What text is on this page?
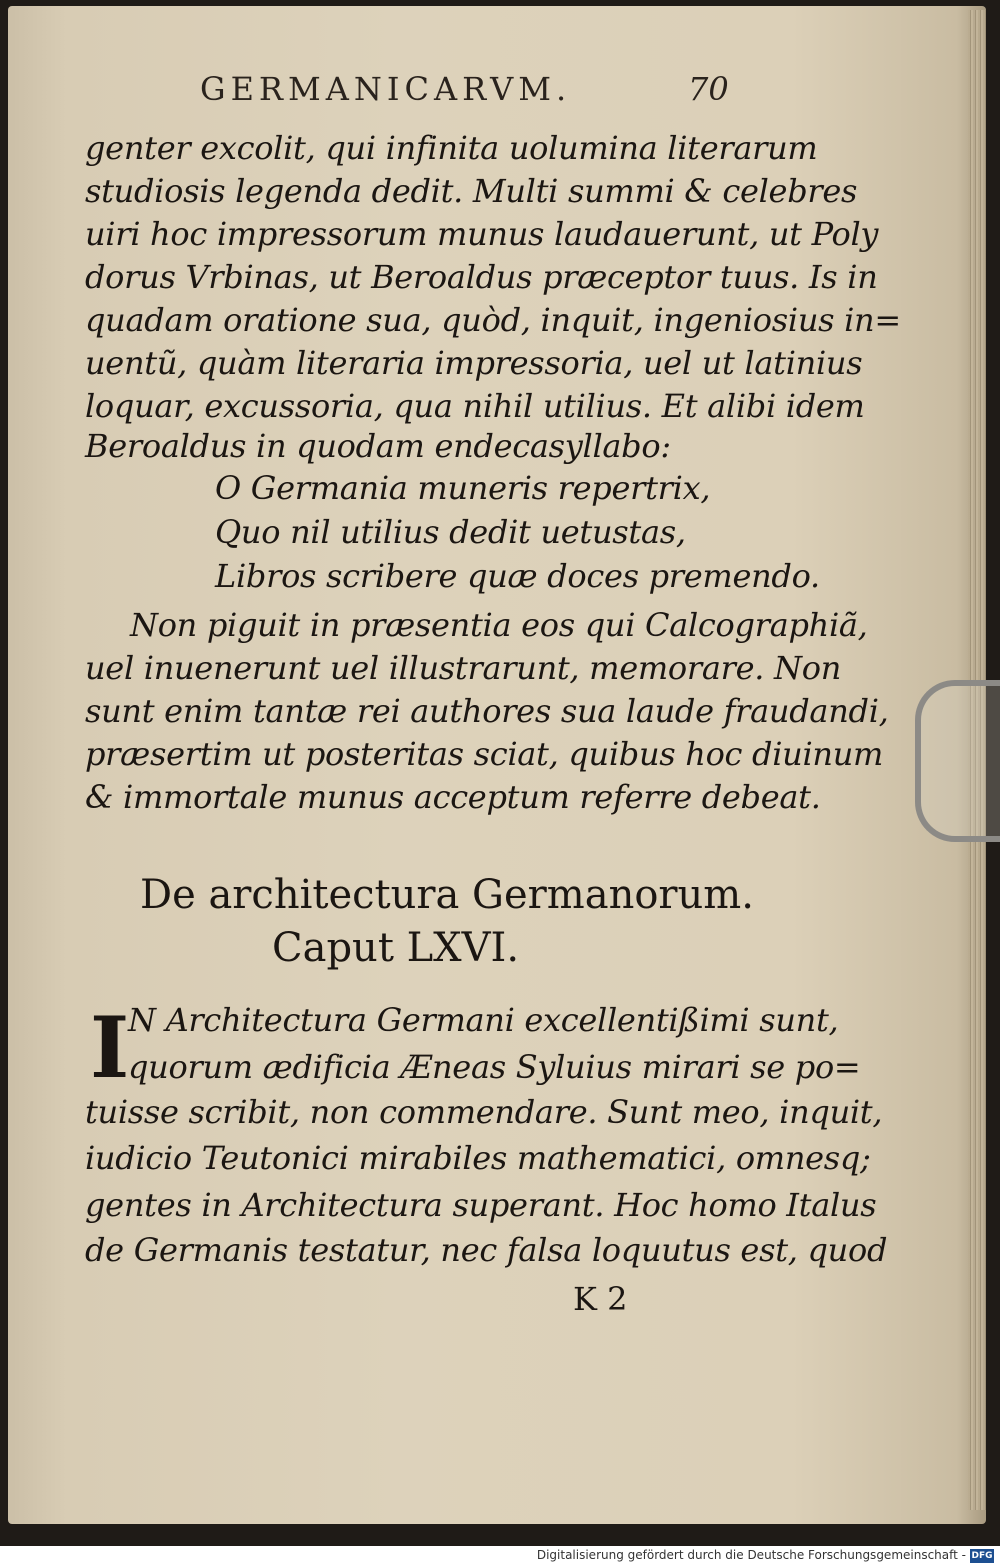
GERMANICARVM.	70
genter excolit, qui infinita uolumina literarum
studiosis legenda dedit. Multi summi & celebres
uiri hoc impressorum munus laudauerunt, ut Poly
dorus Vrbinas, ut Beroaldus præceptor tuus. Is in
quadam oratione sua, quòd, inquit, ingeniosius in=
uentũ, quàm literaria impressoria, uel ut latinius
loquar, excussoria, qua nihil utilius. Et alibi idem
Beroaldus in quodam endecasyllabo:
O Germania muneris repertrix,
Quo nil utilius dedit uetustas,
Libros scribere quæ doces premendo.
Non piguit in præsentia eos qui Calcographiã,
uel inuenerunt uel illustrarunt, memorare. Non
sunt enim tantæ rei authores sua laude fraudandi,
præsertim ut posteritas sciat, quibus hoc diuinum
& immortale munus acceptum referre debeat.
De architectura Germanorum.
Caput LXVI.
I
N Architectura Germani excellentißimi sunt,
quorum ædificia Æneas Syluius mirari se po=
tuisse scribit, non commendare. Sunt meo, inquit,
iudicio Teutonici mirabiles mathematici, omnesq;
gentes in Architectura superant. Hoc homo Italus
de Germanis testatur, nec falsa loquutus est, quod
K 2
Digitalisierung gefördert durch die Deutsche Forschungsgemeinschaft - DFG
